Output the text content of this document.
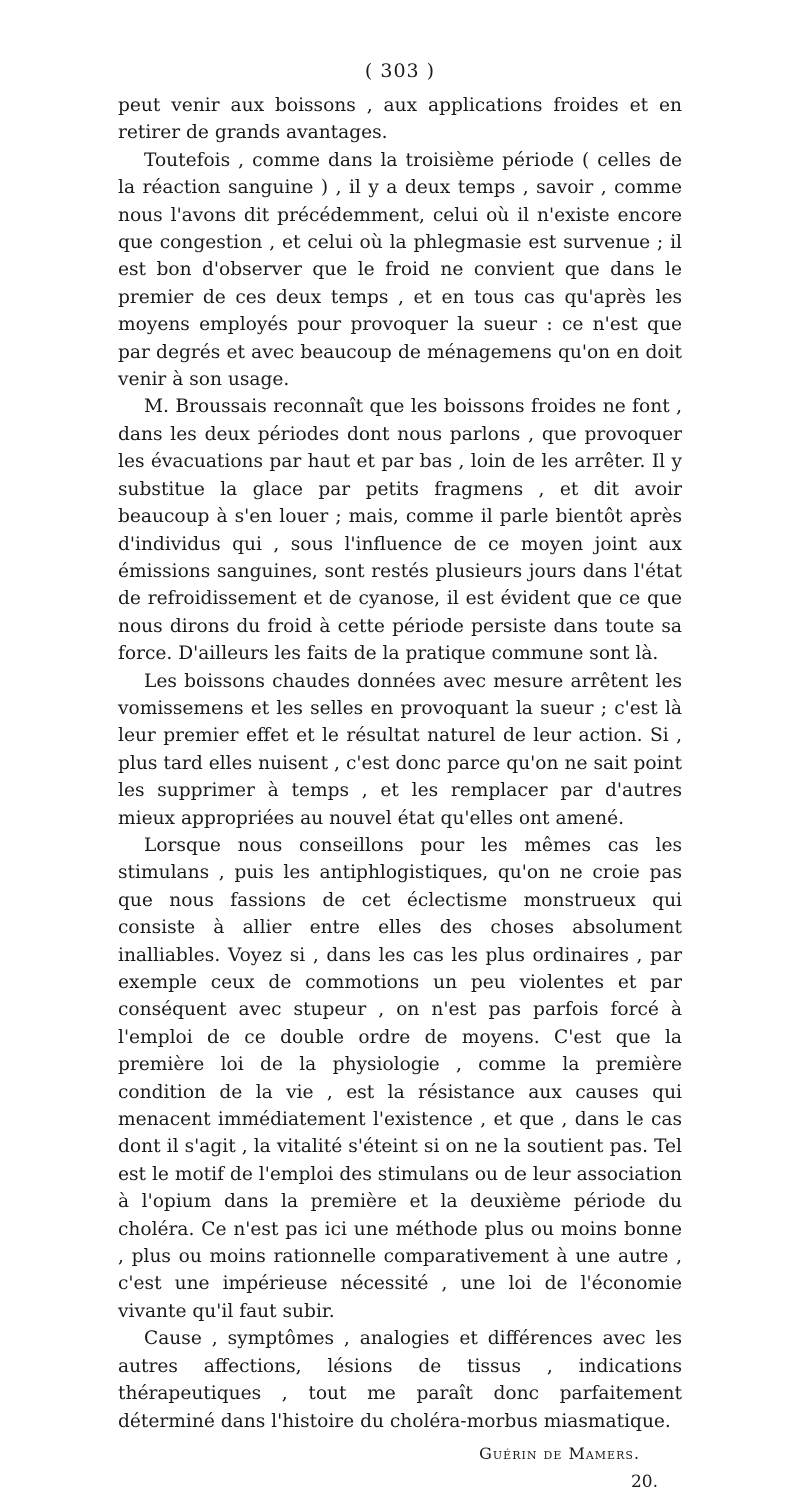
( 303 )

peut venir aux boissons , aux applications froides et en retirer de grands avantages.

Toutefois , comme dans la troisième période ( celles de la réaction sanguine ) , il y a deux temps , savoir , comme nous l'avons dit précédemment, celui où il n'existe encore que congestion , et celui où la phlegmasie est survenue ; il est bon d'observer que le froid ne convient que dans le premier de ces deux temps , et en tous cas qu'après les moyens employés pour provoquer la sueur : ce n'est que par degrés et avec beaucoup de ménagemens qu'on en doit venir à son usage.

M. Broussais reconnaît que les boissons froides ne font , dans les deux périodes dont nous parlons , que provoquer les évacuations par haut et par bas , loin de les arrêter. Il y substitue la glace par petits fragmens , et dit avoir beaucoup à s'en louer ; mais, comme il parle bientôt après d'individus qui , sous l'influence de ce moyen joint aux émissions sanguines, sont restés plusieurs jours dans l'état de refroidissement et de cyanose, il est évident que ce que nous dirons du froid à cette période persiste dans toute sa force. D'ailleurs les faits de la pratique commune sont là.

Les boissons chaudes données avec mesure arrêtent les vomissemens et les selles en provoquant la sueur ; c'est là leur premier effet et le résultat naturel de leur action. Si , plus tard elles nuisent , c'est donc parce qu'on ne sait point les supprimer à temps , et les remplacer par d'autres mieux appropriées au nouvel état qu'elles ont amené.

Lorsque nous conseillons pour les mêmes cas les stimulans , puis les antiphlogistiques, qu'on ne croie pas que nous fassions de cet éclectisme monstrueux qui consiste à allier entre elles des choses absolument inalliables. Voyez si , dans les cas les plus ordinaires , par exemple ceux de commotions un peu violentes et par conséquent avec stupeur , on n'est pas parfois forcé à l'emploi de ce double ordre de moyens. C'est que la première loi de la physiologie , comme la première condition de la vie , est la résistance aux causes qui menacent immédiatement l'existence , et que , dans le cas dont il s'agit , la vitalité s'éteint si on ne la soutient pas. Tel est le motif de l'emploi des stimulans ou de leur association à l'opium dans la première et la deuxième période du choléra. Ce n'est pas ici une méthode plus ou moins bonne , plus ou moins rationnelle comparativement à une autre , c'est une impérieuse nécessité , une loi de l'économie vivante qu'il faut subir.

Cause , symptômes , analogies et différences avec les autres affections, lésions de tissus , indications thérapeutiques , tout me paraît donc parfaitement déterminé dans l'histoire du choléra-morbus miasmatique.

Guérin de Mamers.
20.
